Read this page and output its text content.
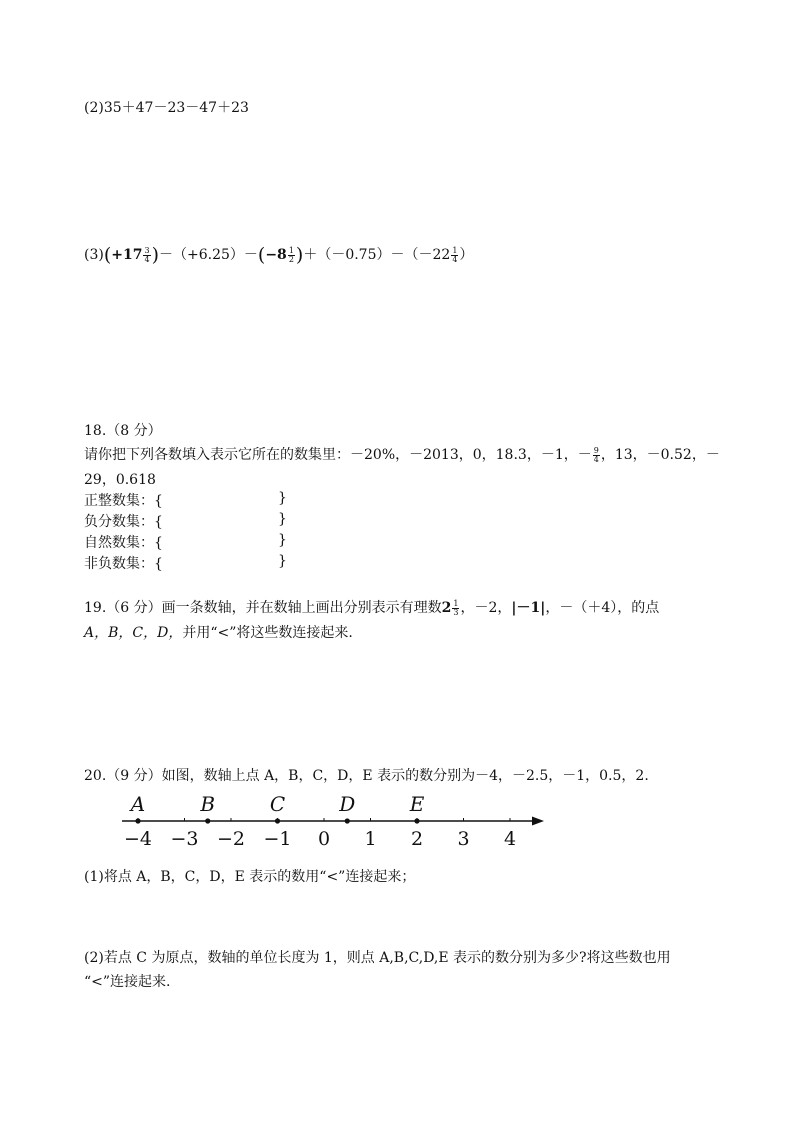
(2)35＋47－23－47＋23
$(3)(+17 \frac{3}{4} )-(+6.25)-(-8 \frac{1}{2} )+(-0.75)-(-22 \frac{1}{4}$ ）
18.（8 分）
请你把下列各数填入表示它所在的数集里：－20%，－2013，0，18.3，－1，－ $\frac{9}{4}$ ，13，－0.52，－
29，0.618
正整数集：{	}
负分数集：{	}
自然数集：{	}
非负数集：{	}
19.（6 分）画一条数轴，并在数轴上画出分别表示有理数$2 \frac{1}{3}$ ，－2，|－1|，－（＋4），的点
A，B，C，D，并用“<”将这些数连接起来.
20.（9 分）如图，数轴上点 A，B，C，D，E 表示的数分别为－4，－2.5，－1，0.5，2.
−4 −3 −2 −1 0 1 2 3 4
A	B	C	D	E
(1)将点 A，B，C，D，E 表示的数用“<”连接起来；
(2)若点 C 为原点，数轴的单位长度为 1，则点 A,B,C,D,E 表示的数分别为多少?将这些数也用
“<”连接起来.
